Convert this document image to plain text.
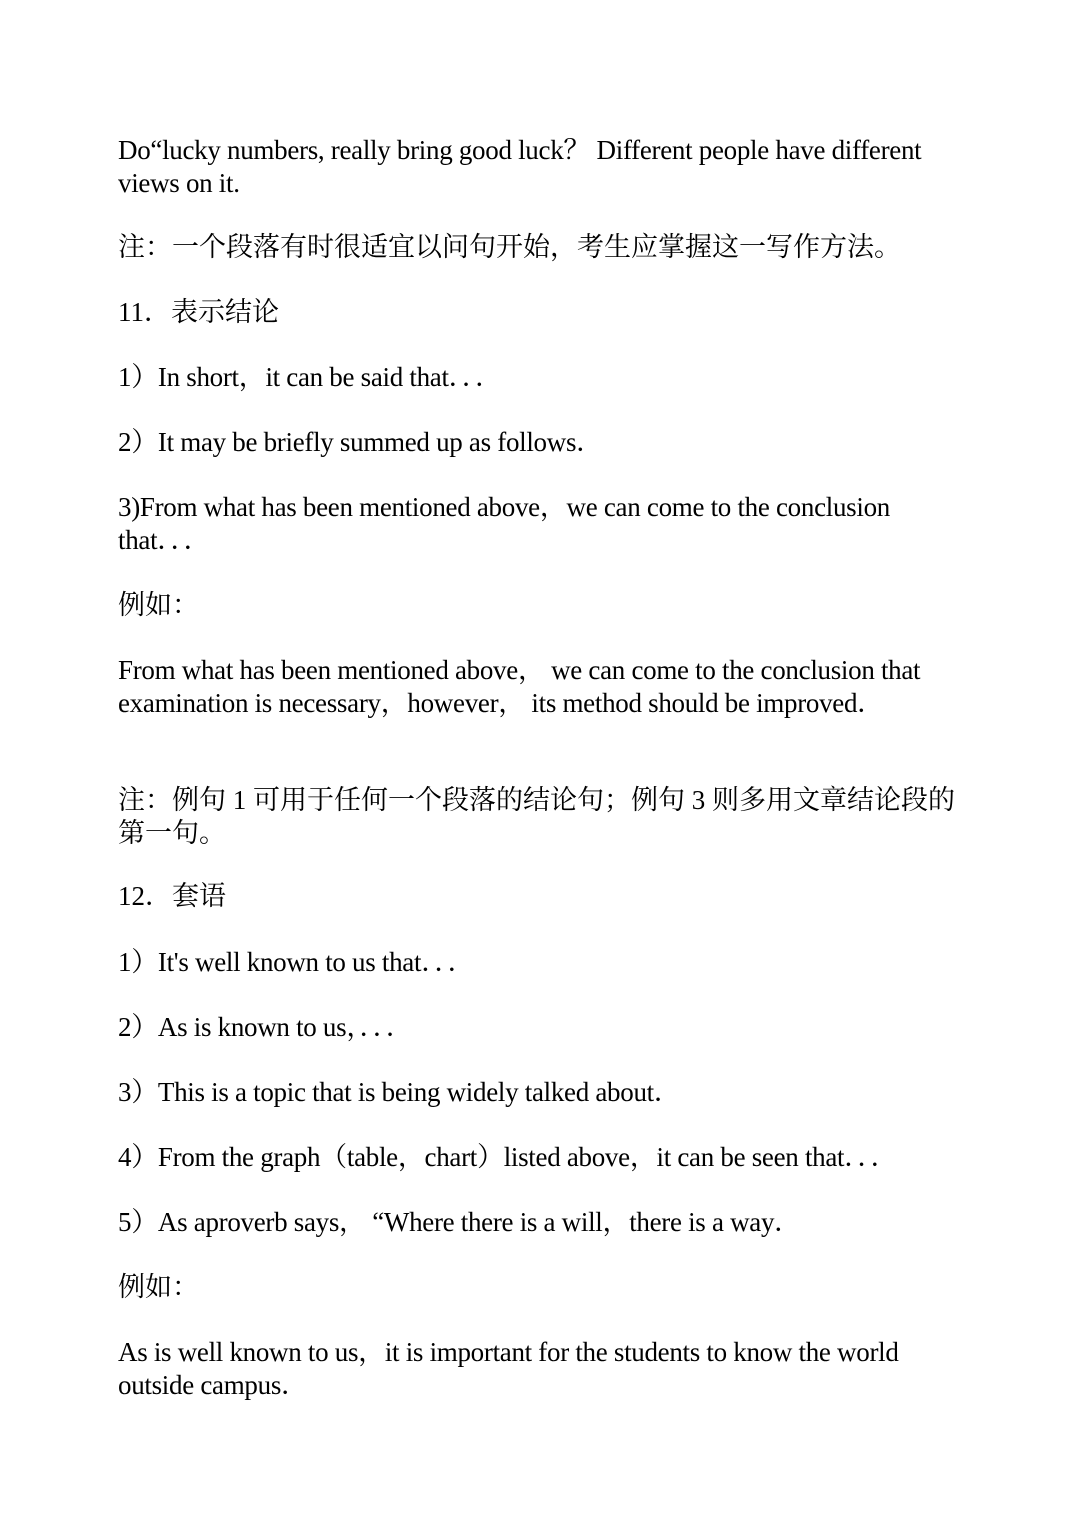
Do“lucky numbers, really bring good luck？ Different people have different views on it.

注：一个段落有时很适宜以问句开始，考生应掌握这一写作方法。

11．表示结论

1）In short，it can be said that．．．

2）It may be briefly summed up as follows．

3)From what has been mentioned above，we can come to the conclusion that．．．

例如：

From what has been mentioned above， we can come to the conclusion that examination is necessary，however， its method should be improved．

注：例句 1 可用于任何一个段落的结论句；例句 3 则多用文章结论段的第一句。

12．套语

1）It's well known to us that．．．

2）As is known to us，．．．

3）This is a topic that is being widely talked about．

4）From the graph（table，chart）listed above，it can be seen that．．．

5）As aproverb says， “Where there is a will，there is a way．

例如：

As is well known to us，it is important for the students to know the world outside campus．
